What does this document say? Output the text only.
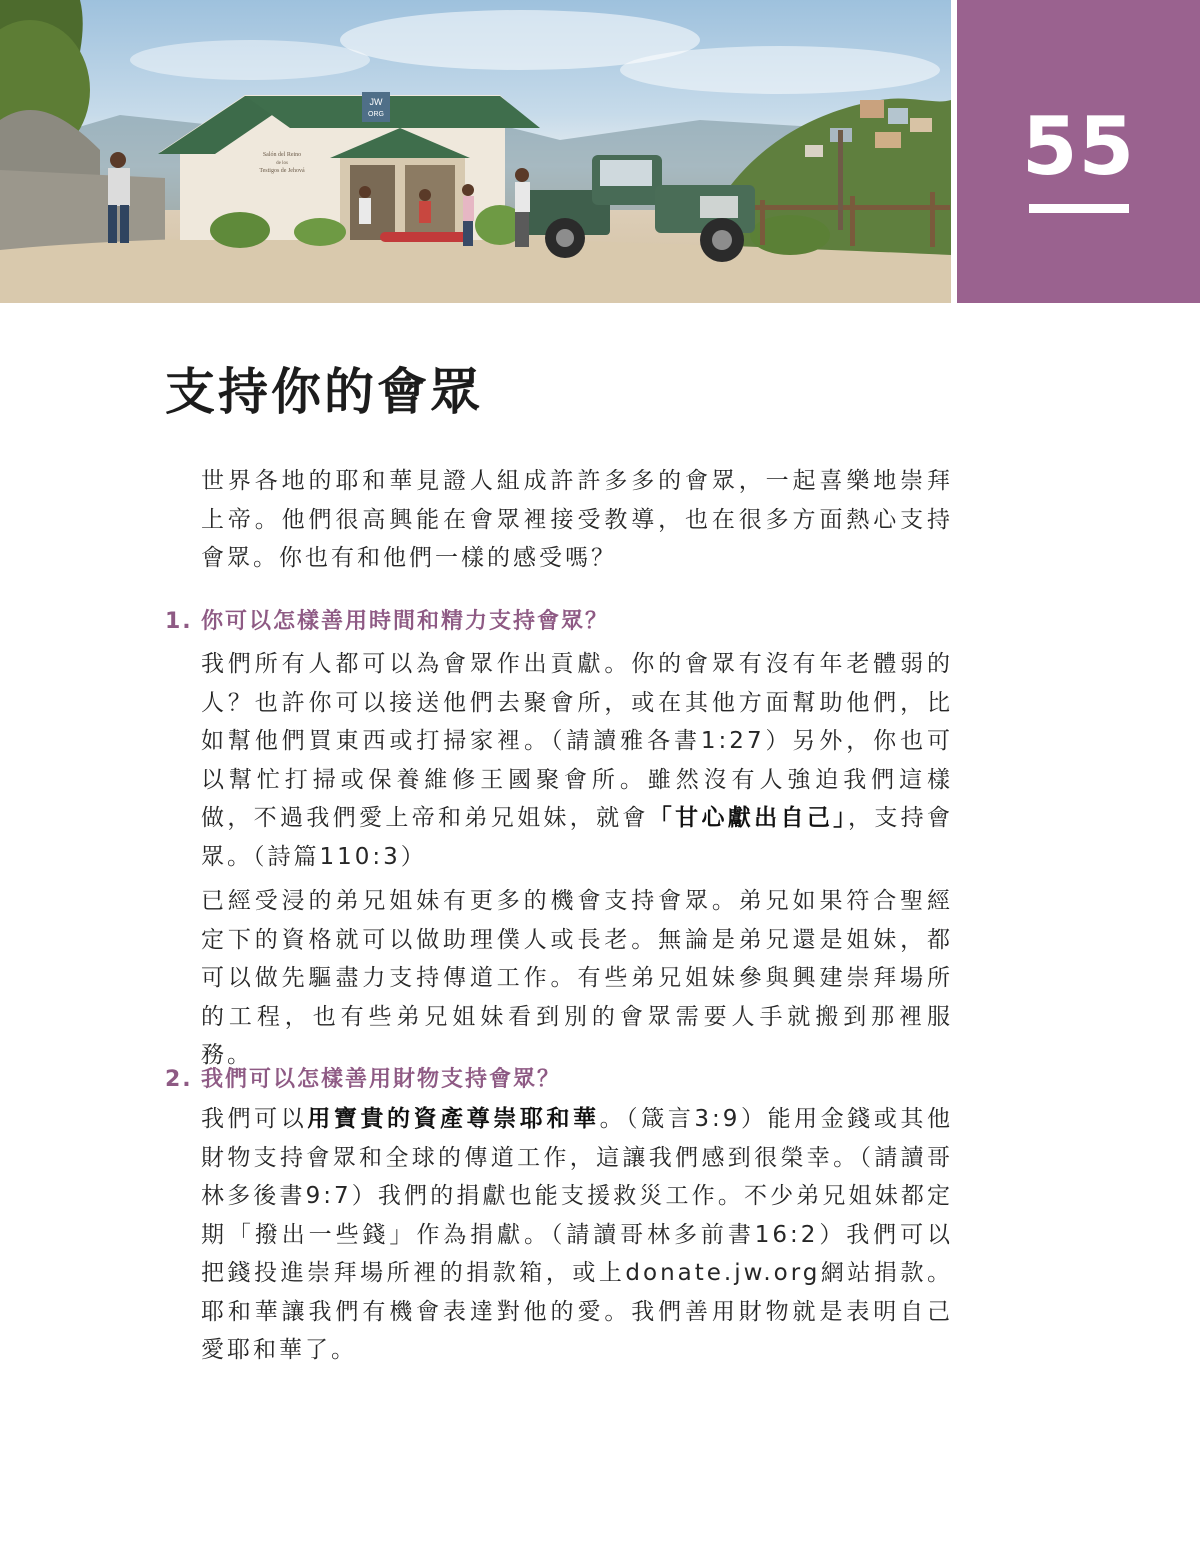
JW
ORG
Salón del Reino
de los
Testigos de Jehová	55
支持你的會眾

世界各地的耶和華見證人組成許許多多的會眾，一起喜樂地崇拜上帝。他們很高興能在會眾裡接受教導，也在很多方面熱心支持會眾。你也有和他們一樣的感受嗎？

1. 你可以怎樣善用時間和精力支持會眾？

我們所有人都可以為會眾作出貢獻。你的會眾有沒有年老體弱的人？也許你可以接送他們去聚會所，或在其他方面幫助他們，比如幫他們買東西或打掃家裡。（請讀雅各書1:27）另外，你也可以幫忙打掃或保養維修王國聚會所。雖然沒有人強迫我們這樣做，不過我們愛上帝和弟兄姐妹，就會「甘心獻出自己」，支持會眾。（詩篇110:3）

已經受浸的弟兄姐妹有更多的機會支持會眾。弟兄如果符合聖經定下的資格就可以做助理僕人或長老。無論是弟兄還是姐妹，都可以做先驅盡力支持傳道工作。有些弟兄姐妹參與興建崇拜場所的工程，也有些弟兄姐妹看到別的會眾需要人手就搬到那裡服務。

2. 我們可以怎樣善用財物支持會眾？

我們可以用寶貴的資產尊崇耶和華。（箴言3:9）能用金錢或其他財物支持會眾和全球的傳道工作，這讓我們感到很榮幸。（請讀哥林多後書9:7）我們的捐獻也能支援救災工作。不少弟兄姐妹都定期「撥出一些錢」作為捐獻。（請讀哥林多前書16:2）我們可以把錢投進崇拜場所裡的捐款箱，或上donate.jw.org網站捐款。耶和華讓我們有機會表達對他的愛。我們善用財物就是表明自己愛耶和華了。
